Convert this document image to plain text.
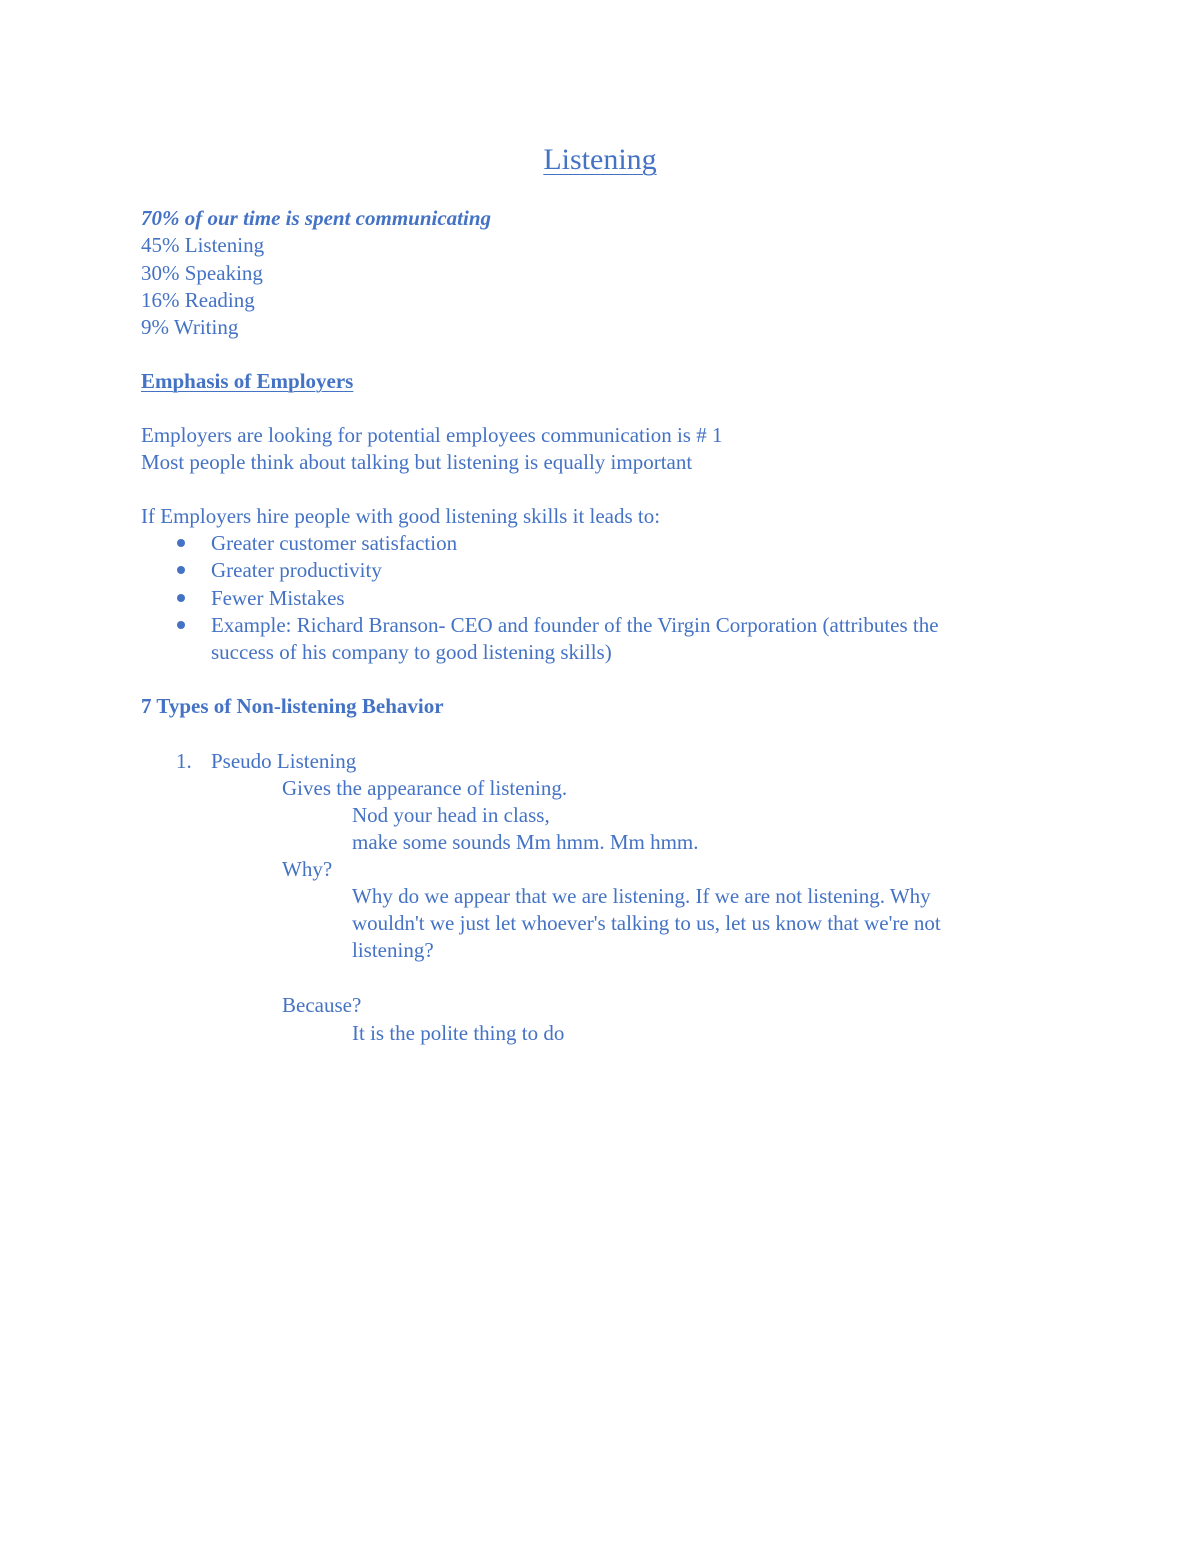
Listening
70% of our time is spent communicating
45% Listening
30% Speaking
16% Reading
9% Writing
Emphasis of Employers
Employers are looking for potential employees communication is # 1
Most people think about talking but listening is equally important
If Employers hire people with good listening skills it leads to:
Greater customer satisfaction
Greater productivity
Fewer Mistakes
Example: Richard Branson- CEO and founder of the Virgin Corporation (attributes the
success of his company to good listening skills)
7 Types of Non-listening Behavior
1. Pseudo Listening
Gives the appearance of listening.
Nod your head in class,
make some sounds Mm hmm. Mm hmm.
Why?
Why do we appear that we are listening. If we are not listening. Why
wouldn't we just let whoever's talking to us, let us know that we're not
listening?
Because?
It is the polite thing to do
